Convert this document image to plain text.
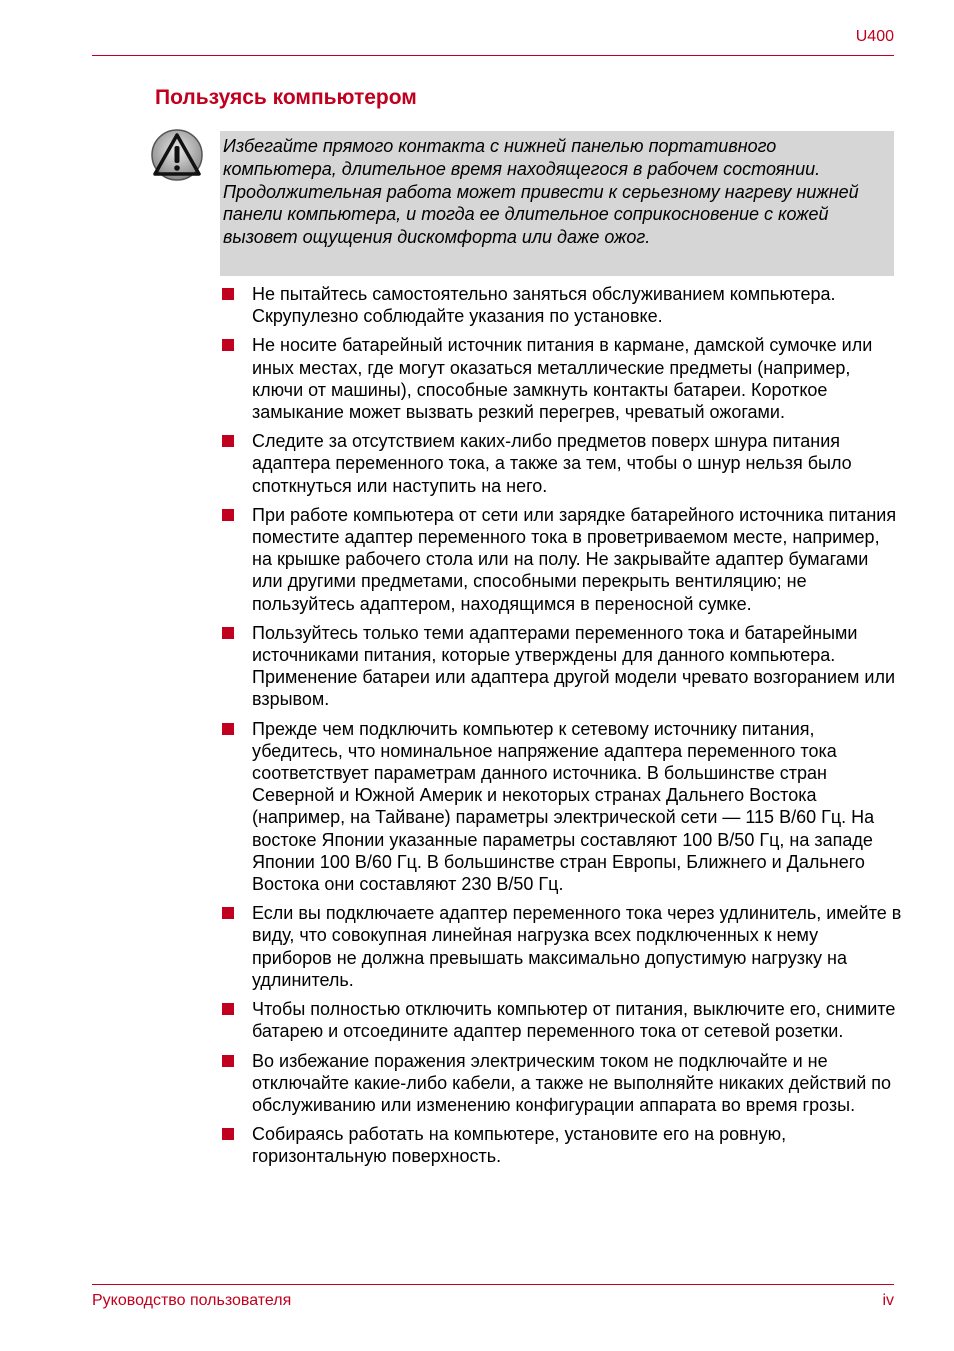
U400
Пользуясь компьютером
Избегайте прямого контакта с нижней панелью портативного компьютера, длительное время находящегося в рабочем состоянии. Продолжительная работа может привести к серьезному нагреву нижней панели компьютера, и тогда ее длительное соприкосновение с кожей вызовет ощущения дискомфорта или даже ожог.
Не пытайтесь самостоятельно заняться обслуживанием компьютера. Скрупулезно соблюдайте указания по установке.
Не носите батарейный источник питания в кармане, дамской сумочке или иных местах, где могут оказаться металлические предметы (например, ключи от машины), способные замкнуть контакты батареи. Короткое замыкание может вызвать резкий перегрев, чреватый ожогами.
Следите за отсутствием каких-либо предметов поверх шнура питания адаптера переменного тока, а также за тем, чтобы о шнур нельзя было споткнуться или наступить на него.
При работе компьютера от сети или зарядке батарейного источника питания поместите адаптер переменного тока в проветриваемом месте, например, на крышке рабочего стола или на полу. Не закрывайте адаптер бумагами или другими предметами, способными перекрыть вентиляцию; не пользуйтесь адаптером, находящимся в переносной сумке.
Пользуйтесь только теми адаптерами переменного тока и батарейными источниками питания, которые утверждены для данного компьютера. Применение батареи или адаптера другой модели чревато возгоранием или взрывом.
Прежде чем подключить компьютер к сетевому источнику питания, убедитесь, что номинальное напряжение адаптера переменного тока соответствует параметрам данного источника. В большинстве стран Северной и Южной Америк и некоторых странах Дальнего Востока (например, на Тайване) параметры электрической сети — 115 В/60 Гц. На востоке Японии указанные параметры составляют 100 В/50 Гц, на западе Японии 100 В/60 Гц. В большинстве стран Европы, Ближнего и Дальнего Востока они составляют 230 В/50 Гц.
Если вы подключаете адаптер переменного тока через удлинитель, имейте в виду, что совокупная линейная нагрузка всех подключенных к нему приборов не должна превышать максимально допустимую нагрузку на удлинитель.
Чтобы полностью отключить компьютер от питания, выключите его, снимите батарею и отсоедините адаптер переменного тока от сетевой розетки.
Во избежание поражения электрическим током не подключайте и не отключайте какие-либо кабели, а также не выполняйте никаких действий по обслуживанию или изменению конфигурации аппарата во время грозы.
Собираясь работать на компьютере, установите его на ровную, горизонтальную поверхность.
Руководство пользователя	iv
